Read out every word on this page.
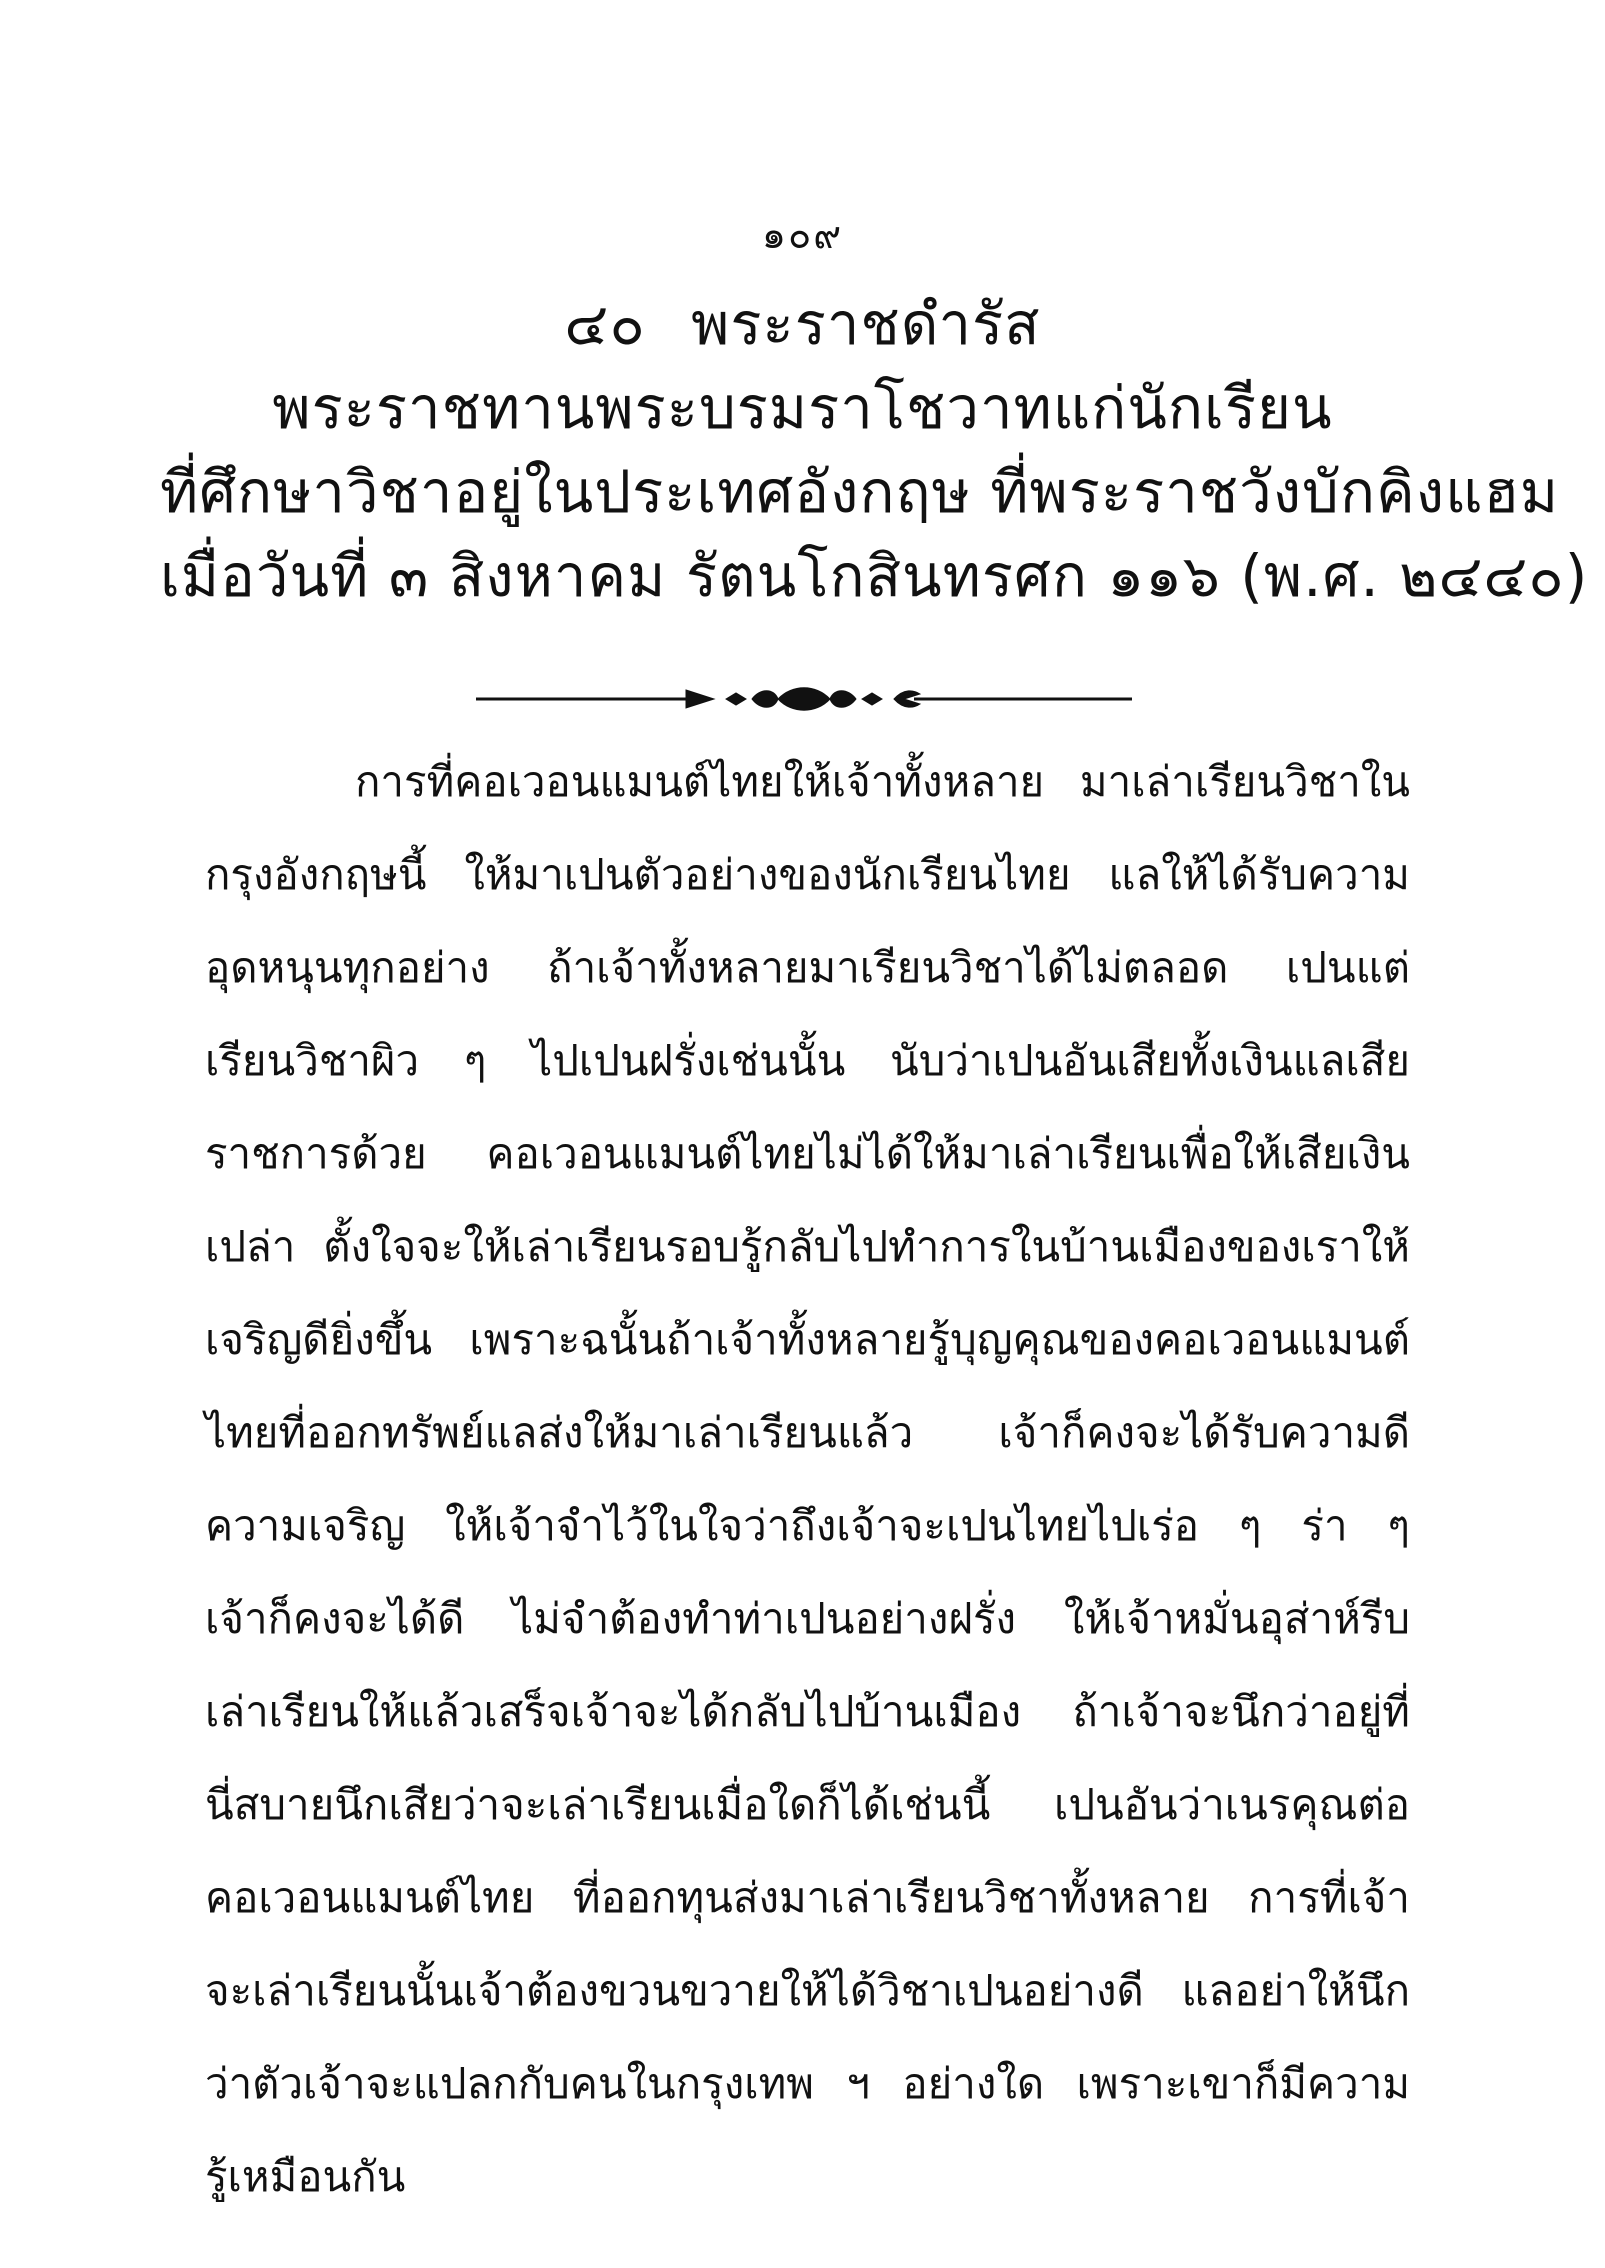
๑๐๙
๔๐ พระราชดำรัส
พระราชทานพระบรมราโชวาทแก่นักเรียน
ที่ศึกษาวิชาอยู่ในประเทศอังกฤษ ที่พระราชวังบักคิงแฮม
เมื่อวันที่ ๓ สิงหาคม รัตนโกสินทรศก ๑๑๖ (พ.ศ. ๒๔๔๐)

การที่คอเวอนแมนต์ไทยให้เจ้าทั้งหลาย มาเล่าเรียนวิชาในกรุงอังกฤษนี้ ให้มาเปนตัวอย่างของนักเรียนไทย แลให้ได้รับความอุดหนุนทุกอย่าง ถ้าเจ้าทั้งหลายมาเรียนวิชาได้ไม่ตลอด เปนแต่เรียนวิชาผิว ๆ ไปเปนฝรั่งเช่นนั้น นับว่าเปนอันเสียทั้งเงินแลเสียราชการด้วย คอเวอนแมนต์ไทยไม่ได้ให้มาเล่าเรียนเพื่อให้เสียเงินเปล่า ตั้งใจจะให้เล่าเรียนรอบรู้กลับไปทำการในบ้านเมืองของเราให้เจริญดียิ่งขึ้น เพราะฉนั้นถ้าเจ้าทั้งหลายรู้บุญคุณของคอเวอนแมนต์ไทยที่ออกทรัพย์แลส่งให้มาเล่าเรียนแล้ว เจ้าก็คงจะได้รับความดีความเจริญ ให้เจ้าจำไว้ในใจว่าถึงเจ้าจะเปนไทยไปเร่อ ๆ ร่า ๆ เจ้าก็คงจะได้ดี ไม่จำต้องทำท่าเปนอย่างฝรั่ง ให้เจ้าหมั่นอุส่าห์รีบเล่าเรียนให้แล้วเสร็จเจ้าจะได้กลับไปบ้านเมือง ถ้าเจ้าจะนึกว่าอยู่ที่นี่สบายนึกเสียว่าจะเล่าเรียนเมื่อใดก็ได้เช่นนี้ เปนอันว่าเนรคุณต่อคอเวอนแมนต์ไทย ที่ออกทุนส่งมาเล่าเรียนวิชาทั้งหลาย การที่เจ้าจะเล่าเรียนนั้นเจ้าต้องขวนขวายให้ได้วิชาเปนอย่างดี แลอย่าให้นึกว่าตัวเจ้าจะแปลกกับคนในกรุงเทพ ฯ อย่างใด เพราะเขาก็มีความรู้เหมือนกัน
